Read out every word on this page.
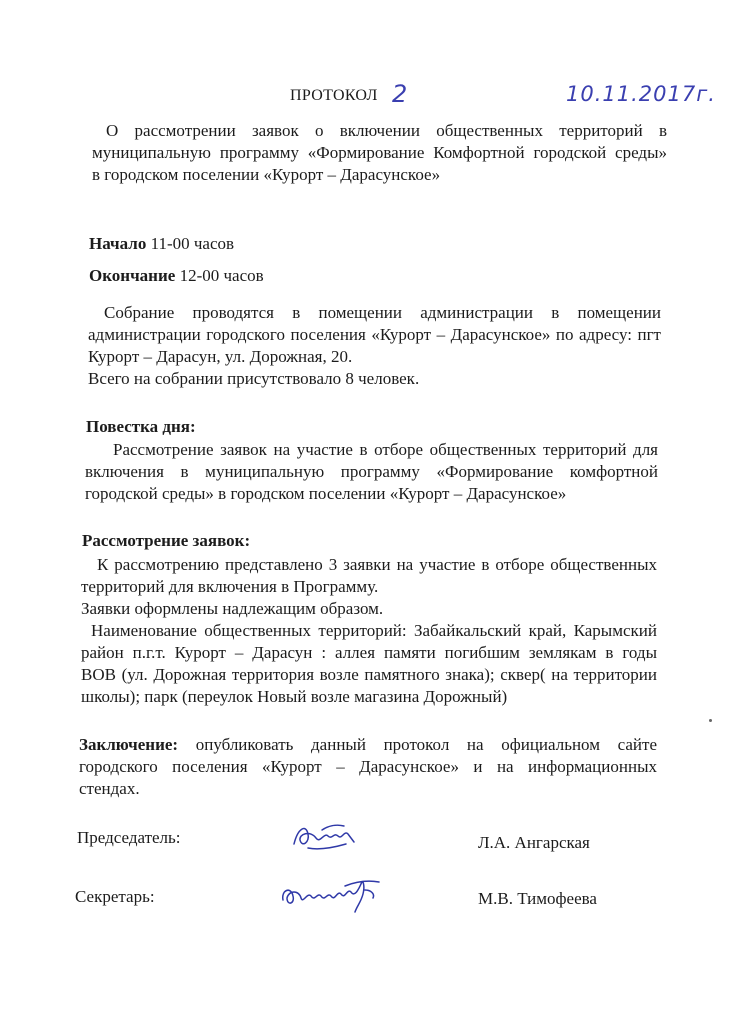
ПРОТОКОЛ 2	10.11.2017г.
О рассмотрении заявок о включении общественных территорий в
муниципальную программу «Формирование Комфортной городской среды»
в городском поселении «Курорт – Дарасунское»
Начало 11-00 часов
Окончание 12-00 часов
Собрание проводятся в помещении администрации в помещении
администрации городского поселения «Курорт – Дарасунское» по адресу: пгт
Курорт – Дарасун, ул. Дорожная, 20.
Всего на собрании присутствовало 8 человек.
Повестка дня:
Рассмотрение заявок на участие в отборе общественных территорий для
включения в муниципальную программу «Формирование комфортной
городской среды» в городском поселении «Курорт – Дарасунское»
Рассмотрение заявок:
К рассмотрению представлено 3 заявки на участие в отборе общественных
территорий для включения в Программу.
Заявки оформлены надлежащим образом.
Наименование общественных территорий: Забайкальский край, Карымский
район п.г.т. Курорт – Дарасун : аллея памяти погибшим землякам в годы
ВОВ (ул. Дорожная территория возле памятного знака); сквер( на территории
школы); парк (переулок Новый возле магазина Дорожный)
Заключение: опубликовать данный протокол на официальном сайте
городского поселения «Курорт – Дарасунское» и на информационных
стендах.
Председатель:	Л.А. Ангарская
Секретарь:	М.В. Тимофеева
